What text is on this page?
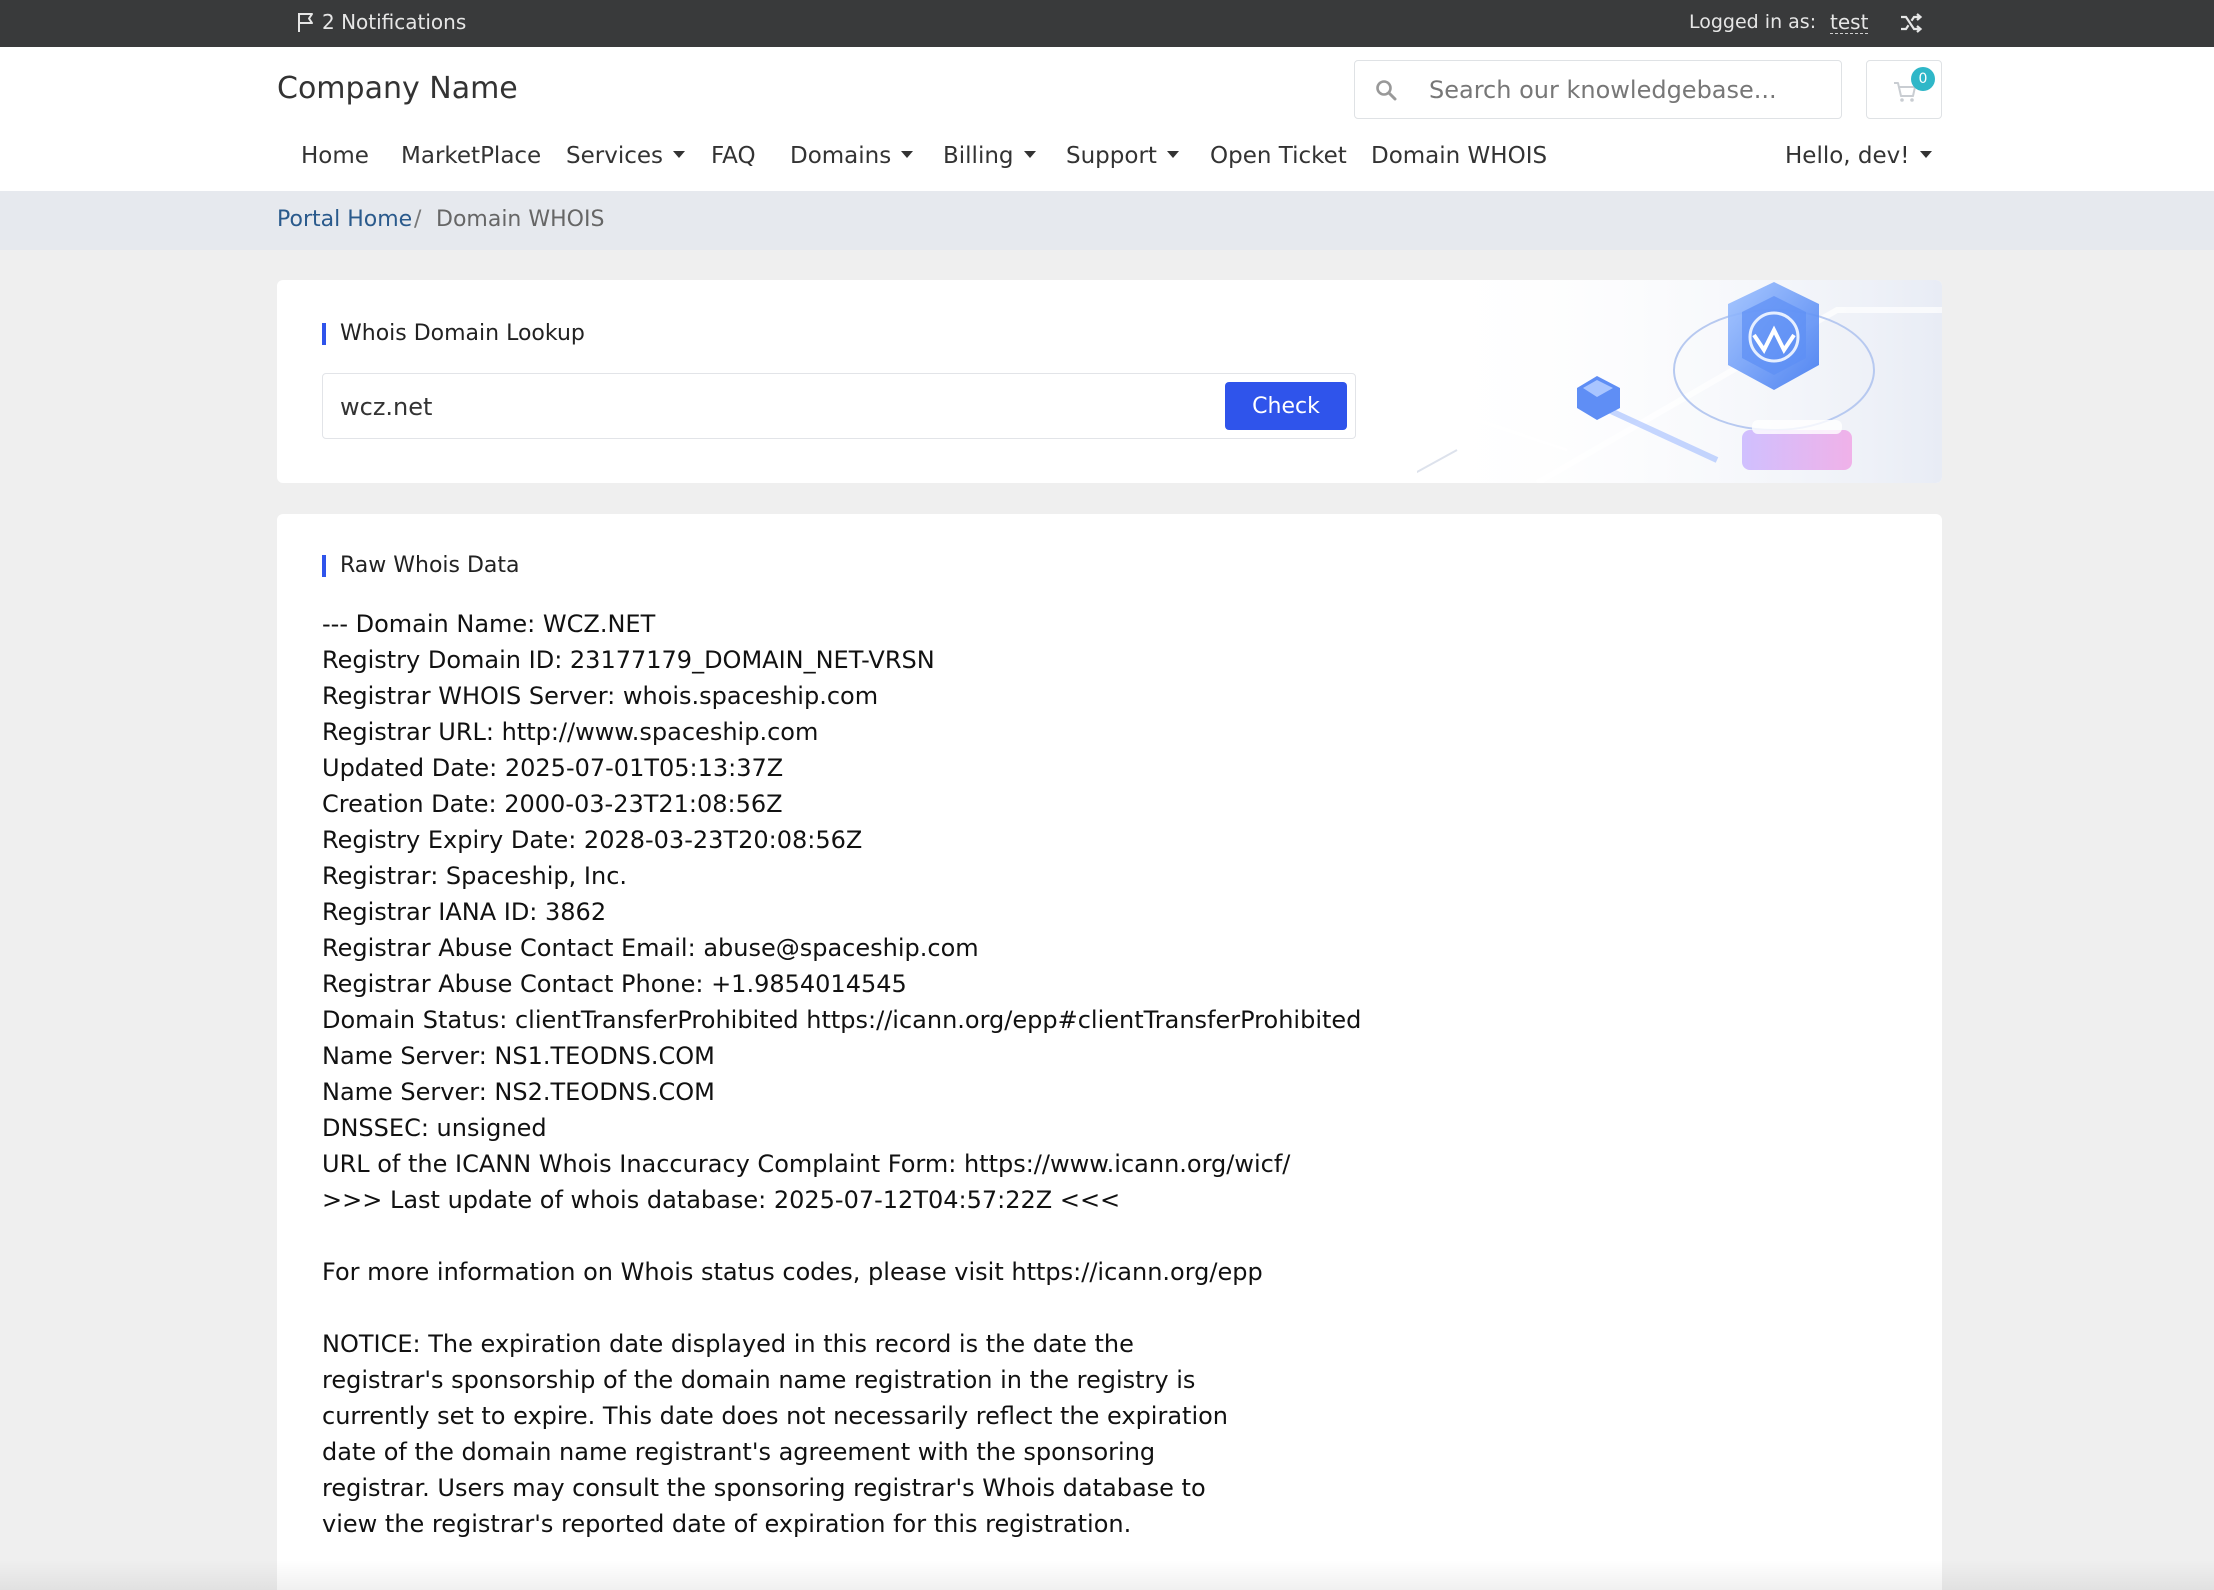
2 Notifications	Logged in as: test
Company Name
Search our knowledgebase...	0
Home MarketPlace Services	FAQ Domains	Billing	Support	Open Ticket Domain WHOIS	Hello, dev!
Portal Home / Domain WHOIS
Whois Domain Lookup
wcz.net
Check
Raw Whois Data
--- Domain Name: WCZ.NET
Registry Domain ID: 23177179_DOMAIN_NET-VRSN
Registrar WHOIS Server: whois.spaceship.com
Registrar URL: http://www.spaceship.com
Updated Date: 2025-07-01T05:13:37Z
Creation Date: 2000-03-23T21:08:56Z
Registry Expiry Date: 2028-03-23T20:08:56Z
Registrar: Spaceship, Inc.
Registrar IANA ID: 3862
Registrar Abuse Contact Email: abuse@spaceship.com
Registrar Abuse Contact Phone: +1.9854014545
Domain Status: clientTransferProhibited https://icann.org/epp#clientTransferProhibited
Name Server: NS1.TEODNS.COM
Name Server: NS2.TEODNS.COM
DNSSEC: unsigned
URL of the ICANN Whois Inaccuracy Complaint Form: https://www.icann.org/wicf/
>>> Last update of whois database: 2025-07-12T04:57:22Z <<<

For more information on Whois status codes, please visit https://icann.org/epp

NOTICE: The expiration date displayed in this record is the date the
registrar's sponsorship of the domain name registration in the registry is
currently set to expire. This date does not necessarily reflect the expiration
date of the domain name registrant's agreement with the sponsoring
registrar. Users may consult the sponsoring registrar's Whois database to
view the registrar's reported date of expiration for this registration.
